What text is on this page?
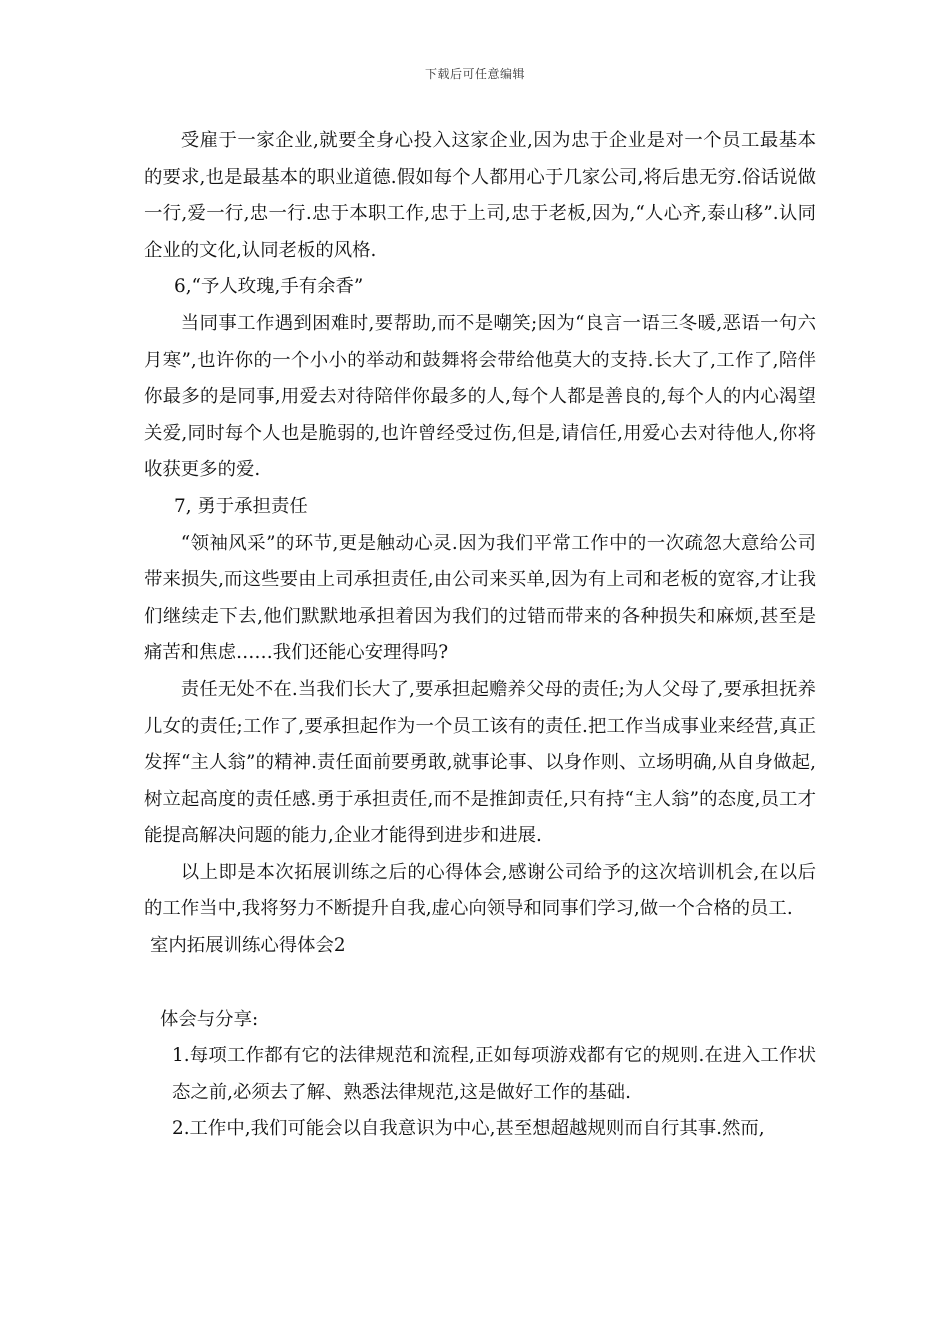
下载后可任意编辑

受雇于一家企业,就要全身心投入这家企业,因为忠于企业是对一个员工最基本的要求,也是最基本的职业道德.假如每个人都用心于几家公司,将后患无穷.俗话说做一行,爱一行,忠一行.忠于本职工作,忠于上司,忠于老板,因为,“人心齐,泰山移”.认同企业的文化,认同老板的风格.

6,“予人玫瑰,手有余香”

当同事工作遇到困难时,要帮助,而不是嘲笑;因为“良言一语三冬暖,恶语一句六月寒”,也许你的一个小小的举动和鼓舞将会带给他莫大的支持.长大了,工作了,陪伴你最多的是同事,用爱去对待陪伴你最多的人,每个人都是善良的,每个人的内心渴望关爱,同时每个人也是脆弱的,也许曾经受过伤,但是,请信任,用爱心去对待他人,你将收获更多的爱.

7, 勇于承担责任

“领袖风采”的环节,更是触动心灵.因为我们平常工作中的一次疏忽大意给公司带来损失,而这些要由上司承担责任,由公司来买单,因为有上司和老板的宽容,才让我们继续走下去,他们默默地承担着因为我们的过错而带来的各种损失和麻烦,甚至是痛苦和焦虑……我们还能心安理得吗?

责任无处不在.当我们长大了,要承担起赡养父母的责任;为人父母了,要承担抚养儿女的责任;工作了,要承担起作为一个员工该有的责任.把工作当成事业来经营,真正发挥“主人翁”的精神.责任面前要勇敢,就事论事、以身作则、立场明确,从自身做起,树立起高度的责任感.勇于承担责任,而不是推卸责任,只有持“主人翁”的态度,员工才能提高解决问题的能力,企业才能得到进步和进展.

以上即是本次拓展训练之后的心得体会,感谢公司给予的这次培训机会,在以后的工作当中,我将努力不断提升自我,虚心向领导和同事们学习,做一个合格的员工.

室内拓展训练心得体会2

体会与分享:

1.每项工作都有它的法律规范和流程,正如每项游戏都有它的规则.在进入工作状态之前,必须去了解、熟悉法律规范,这是做好工作的基础.

2.工作中,我们可能会以自我意识为中心,甚至想超越规则而自行其事.然而,
